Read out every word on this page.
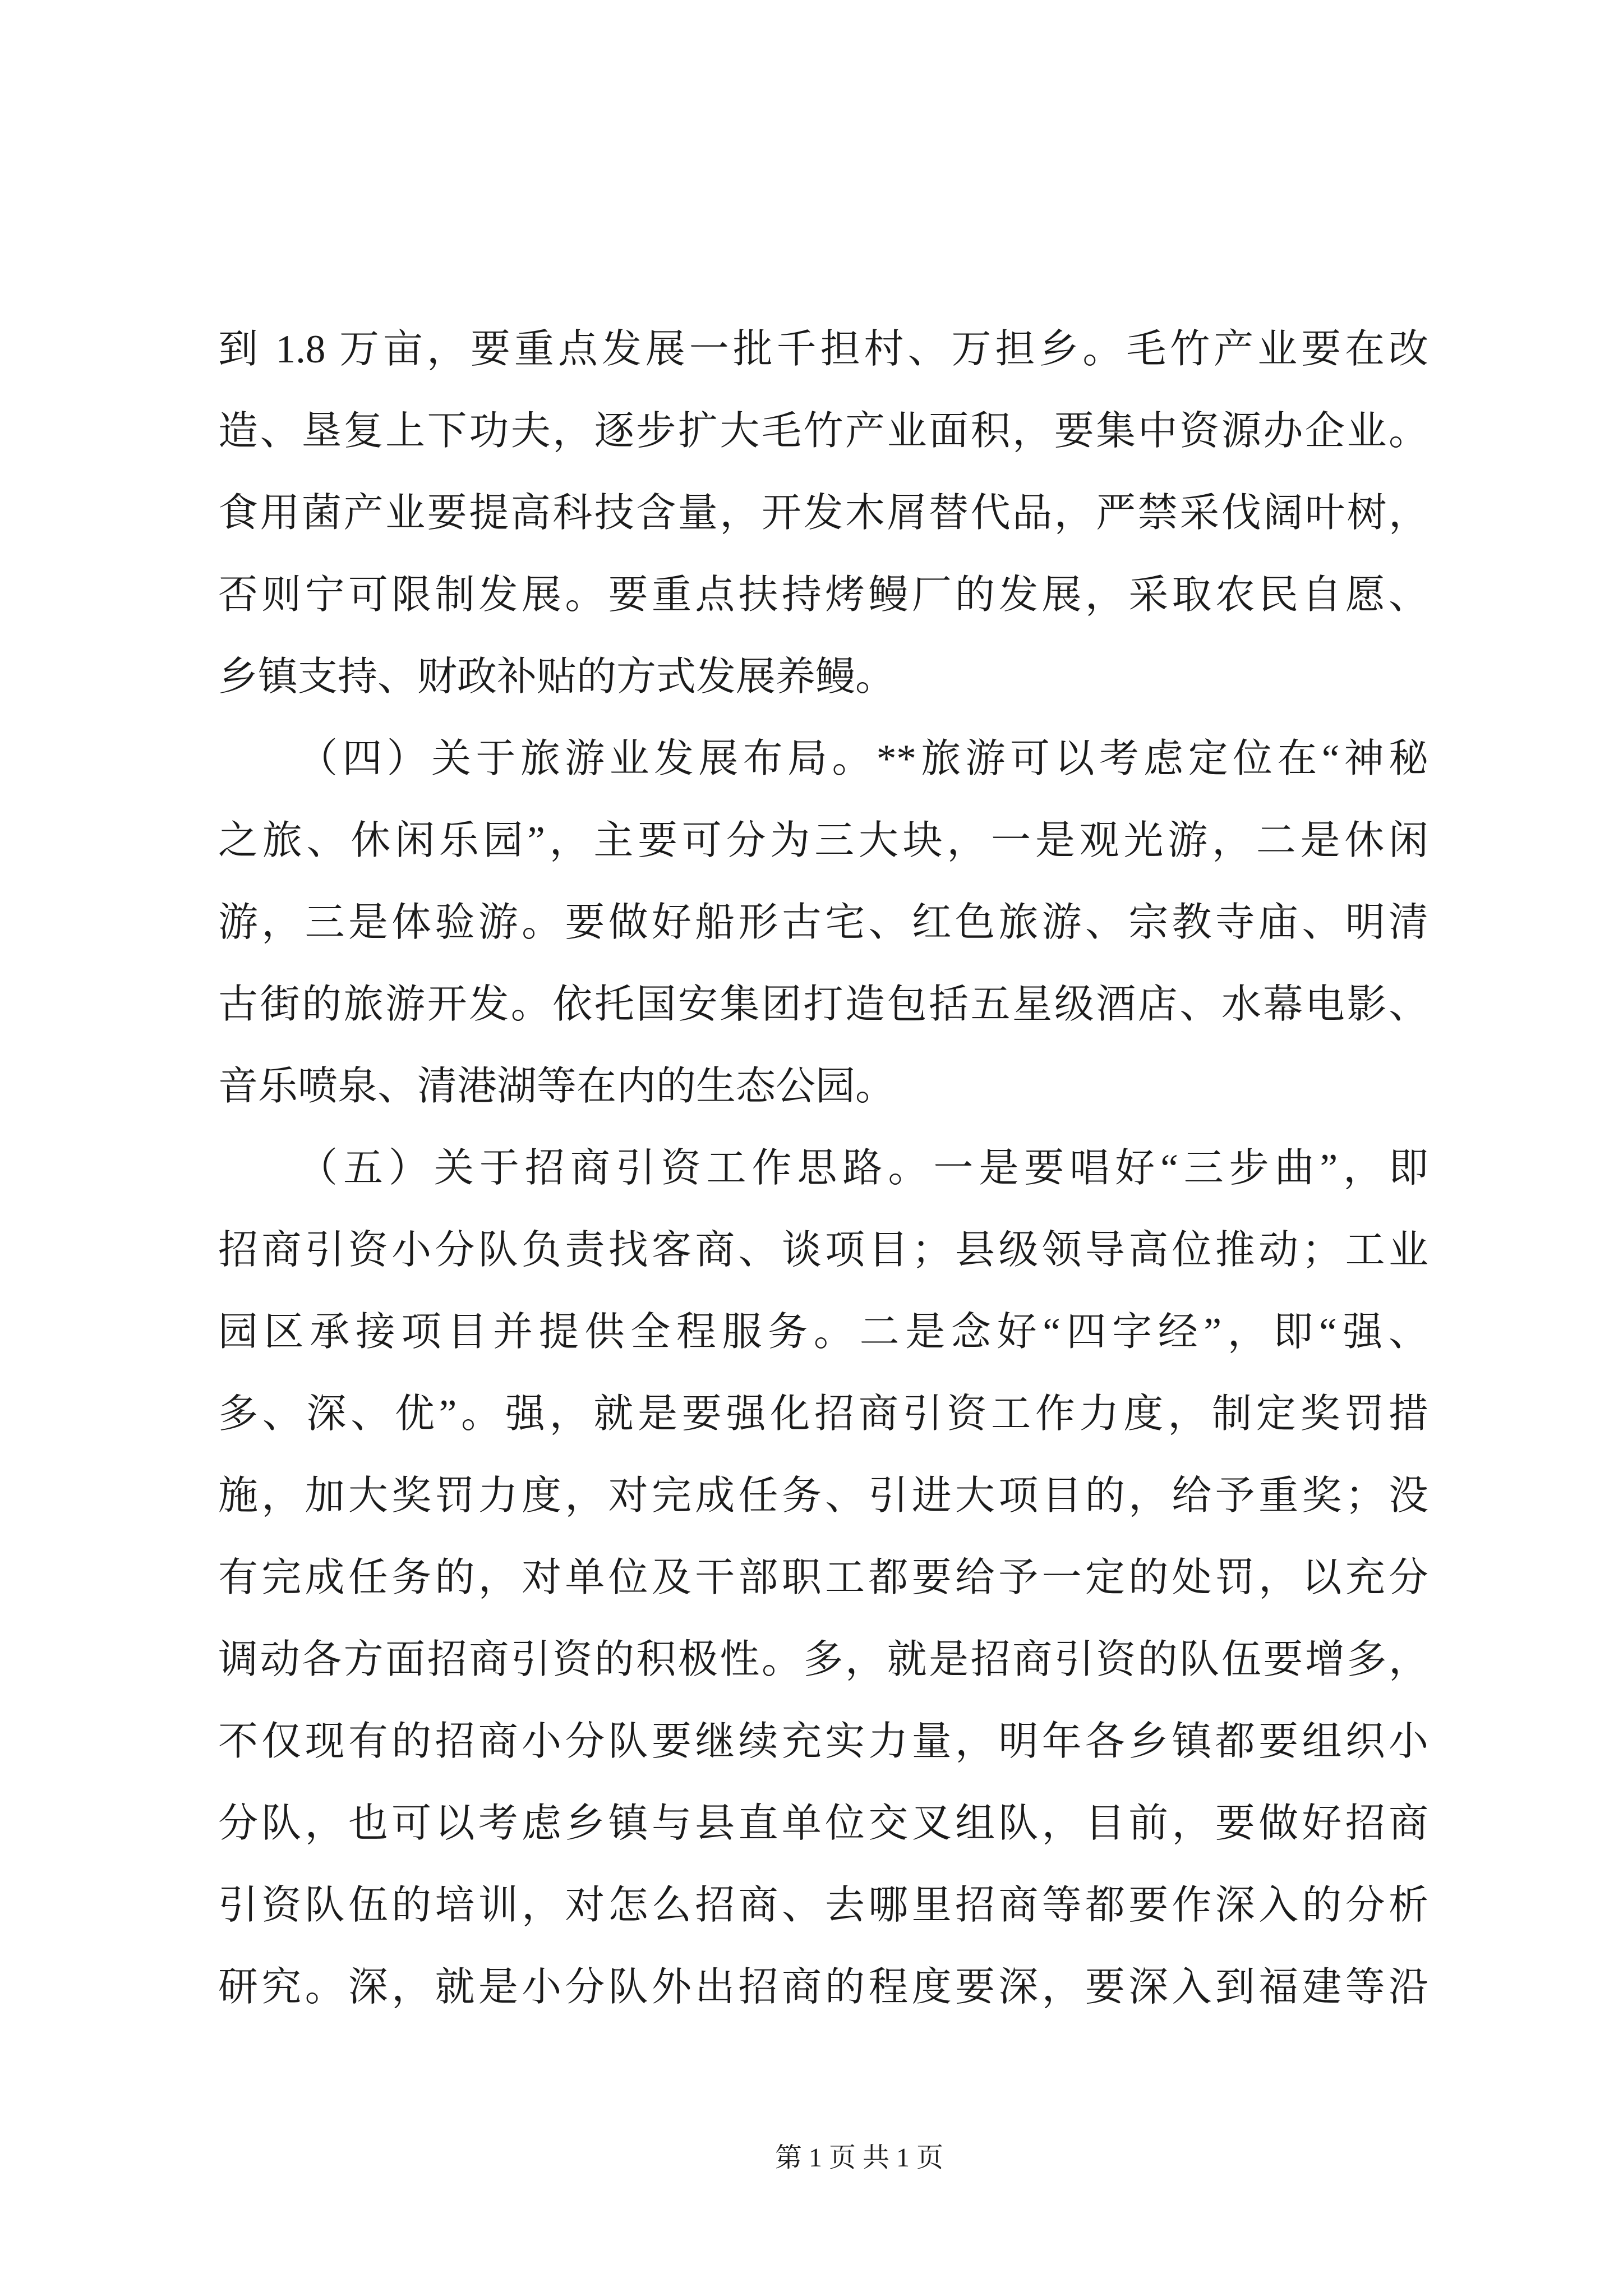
到 1.8 万亩，要重点发展一批千担村、万担乡。毛竹产业要在改
造、垦复上下功夫，逐步扩大毛竹产业面积，要集中资源办企业。
食用菌产业要提高科技含量，开发木屑替代品，严禁采伐阔叶树，
否则宁可限制发展。要重点扶持烤鳗厂的发展，采取农民自愿、
乡镇支持、财政补贴的方式发展养鳗。
（四）关于旅游业发展布局。**旅游可以考虑定位在“神秘
之旅、休闲乐园”，主要可分为三大块，一是观光游，二是休闲
游，三是体验游。要做好船形古宅、红色旅游、宗教寺庙、明清
古街的旅游开发。依托国安集团打造包括五星级酒店、水幕电影、
音乐喷泉、清港湖等在内的生态公园。
（五）关于招商引资工作思路。一是要唱好“三步曲”，即
招商引资小分队负责找客商、谈项目；县级领导高位推动；工业
园区承接项目并提供全程服务。二是念好“四字经”，即“强、
多、深、优”。强，就是要强化招商引资工作力度，制定奖罚措
施，加大奖罚力度，对完成任务、引进大项目的，给予重奖；没
有完成任务的，对单位及干部职工都要给予一定的处罚，以充分
调动各方面招商引资的积极性。多，就是招商引资的队伍要增多，
不仅现有的招商小分队要继续充实力量，明年各乡镇都要组织小
分队，也可以考虑乡镇与县直单位交叉组队，目前，要做好招商
引资队伍的培训，对怎么招商、去哪里招商等都要作深入的分析
研究。深，就是小分队外出招商的程度要深，要深入到福建等沿
第 1 页 共 1 页
